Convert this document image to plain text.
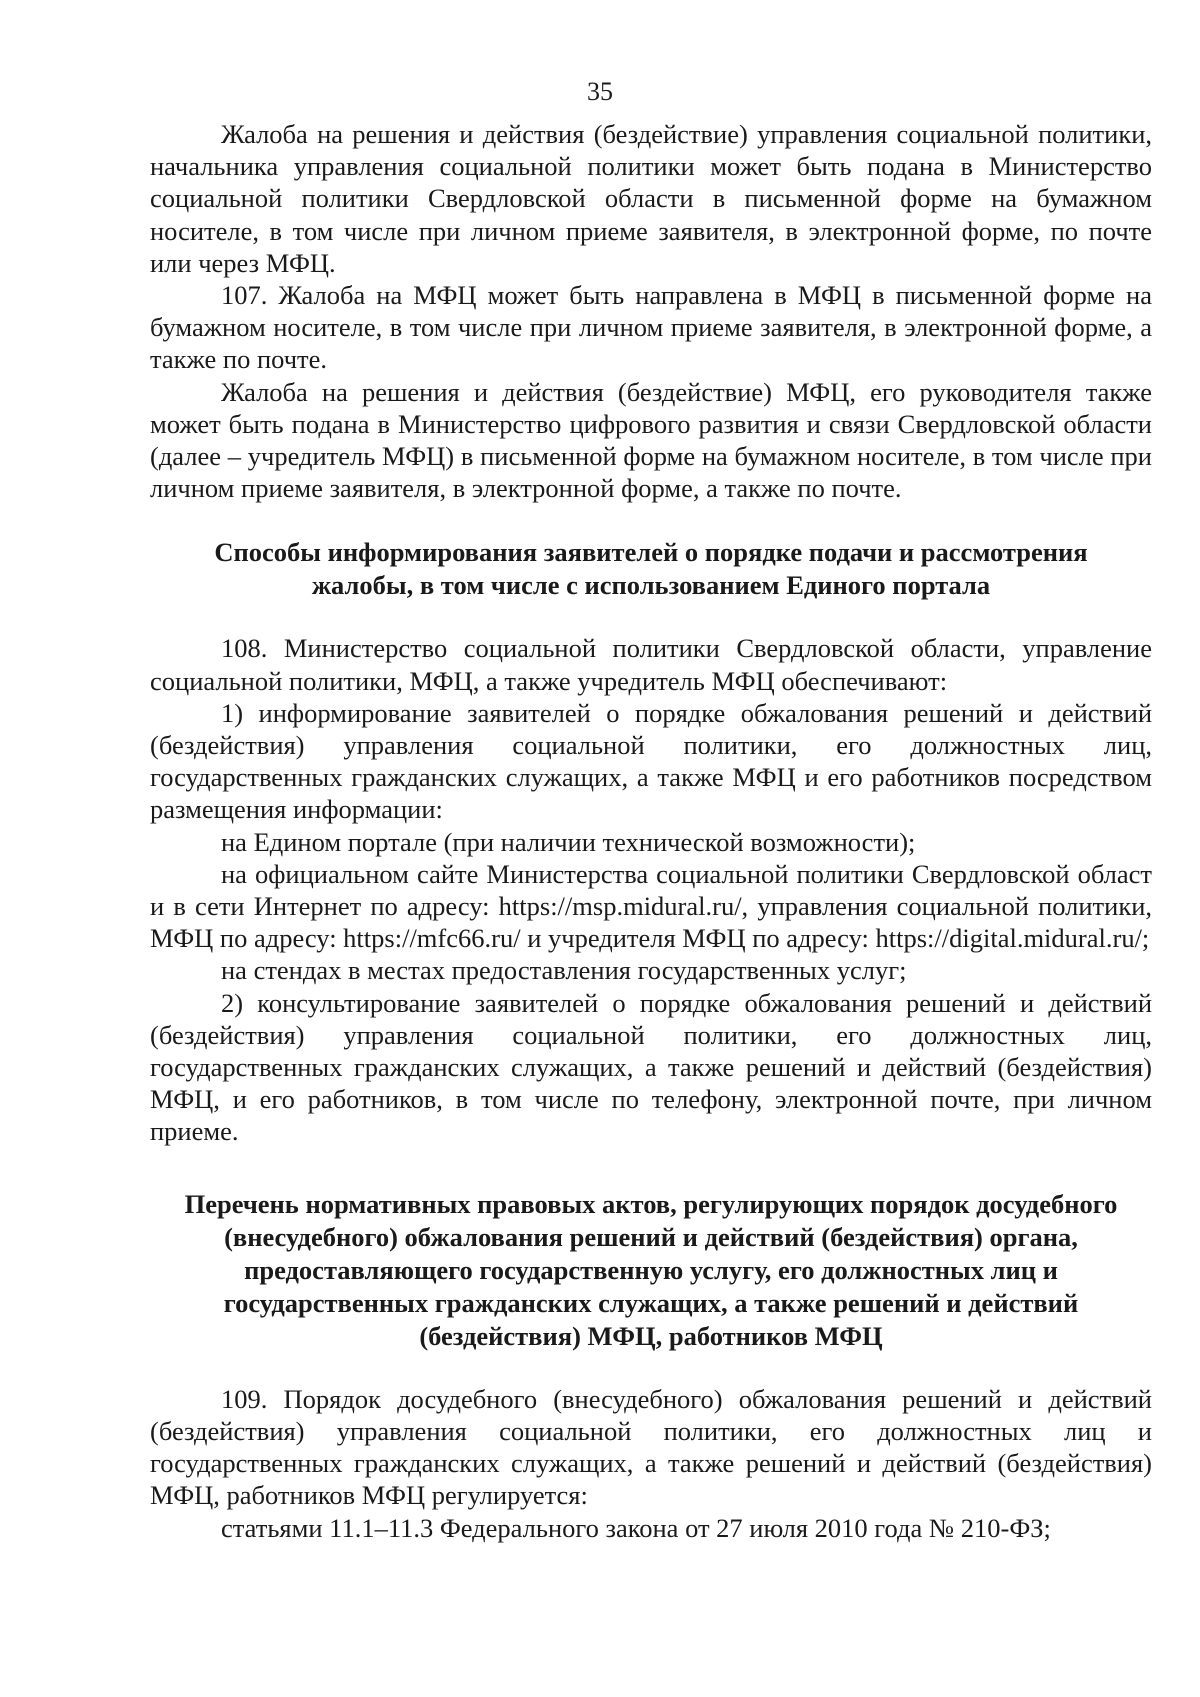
35

Жалоба на решения и действия (бездействие) управления социальной политики, начальника управления социальной политики может быть подана в Министерство социальной политики Свердловской области в письменной форме на бумажном носителе, в том числе при личном приеме заявителя, в электронной форме, по почте или через МФЦ.

107. Жалоба на МФЦ может быть направлена в МФЦ в письменной форме на бумажном носителе, в том числе при личном приеме заявителя, в электронной форме, а также по почте.

Жалоба на решения и действия (бездействие) МФЦ, его руководителя также может быть подана в Министерство цифрового развития и связи Свердловской области (далее – учредитель МФЦ) в письменной форме на бумажном носителе, в том числе при личном приеме заявителя, в электронной форме, а также по почте.

Способы информирования заявителей о порядке подачи и рассмотрения жалобы, в том числе с использованием Единого портала

108. Министерство социальной политики Свердловской области, управление социальной политики, МФЦ, а также учредитель МФЦ обеспечивают:

1) информирование заявителей о порядке обжалования решений и действий (бездействия) управления социальной политики, его должностных лиц, государственных гражданских служащих, а также МФЦ и его работников посредством размещения информации:

на Едином портале (при наличии технической возможности);

на официальном сайте Министерства социальной политики Свердловской области в сети Интернет по адресу: https://msp.midural.ru/, управления социальной политики, МФЦ по адресу: https://mfc66.ru/ и учредителя МФЦ по адресу: https://digital.midural.ru/;

на стендах в местах предоставления государственных услуг;

2) консультирование заявителей о порядке обжалования решений и действий (бездействия) управления социальной политики, его должностных лиц, государственных гражданских служащих, а также решений и действий (бездействия) МФЦ, и его работников, в том числе по телефону, электронной почте, при личном приеме.

Перечень нормативных правовых актов, регулирующих порядок досудебного (внесудебного) обжалования решений и действий (бездействия) органа, предоставляющего государственную услугу, его должностных лиц и государственных гражданских служащих, а также решений и действий (бездействия) МФЦ, работников МФЦ

109. Порядок досудебного (внесудебного) обжалования решений и действий (бездействия) управления социальной политики, его должностных лиц и государственных гражданских служащих, а также решений и действий (бездействия) МФЦ, работников МФЦ регулируется:

статьями 11.1–11.3 Федерального закона от 27 июля 2010 года № 210-ФЗ;
